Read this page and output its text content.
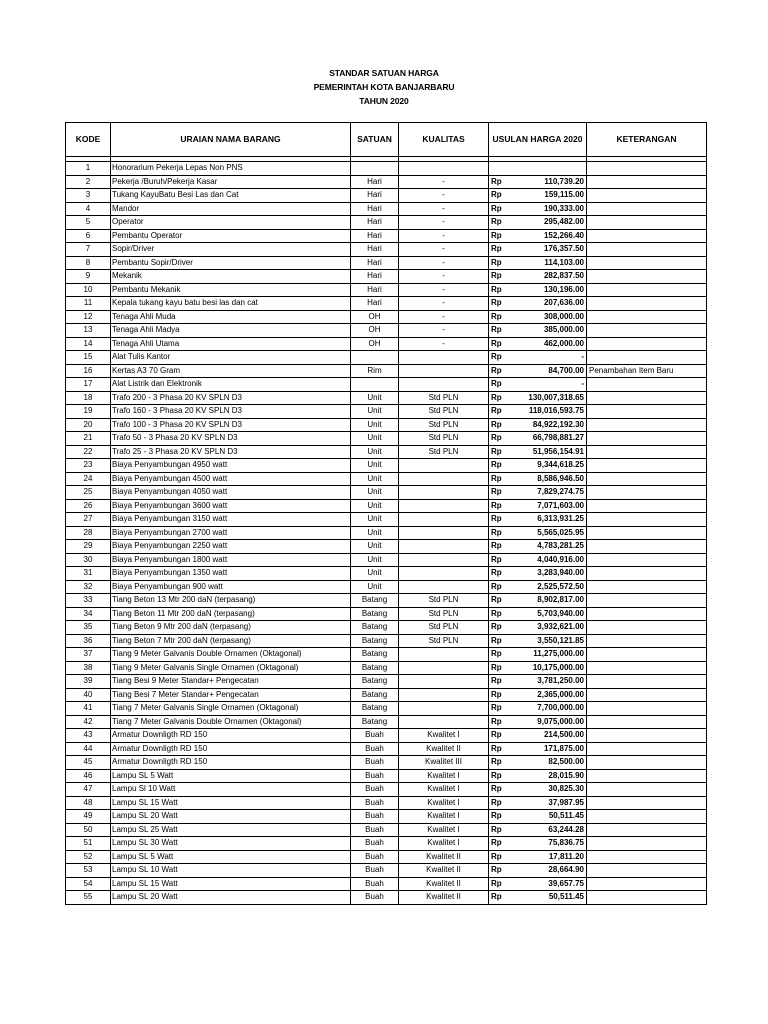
STANDAR SATUAN HARGA
PEMERINTAH KOTA BANJARBARU
TAHUN 2020
KODE	URAIAN NAMA BARANG	SATUAN	KUALITAS	USULAN HARGA 2020		KETERANGAN

1	Honorarium Pekerja Lepas Non PNS					
2	Pekerja /Buruh/Pekerja Kasar	Hari	-	Rp	110,739.20	
3	Tukang KayuBatu Besi Las dan Cat	Hari	-	Rp	159,115.00	
4	Mandor	Hari	-	Rp	190,333.00	
5	Operator	Hari	-	Rp	295,482.00	
6	Pembantu Operator	Hari	-	Rp	152,266.40	
7	Sopir/Driver	Hari	-	Rp	176,357.50	
8	Pembantu Sopir/Driver	Hari	-	Rp	114,103.00	
9	Mekanik	Hari	-	Rp	282,837.50	
10	Pembantu Mekanik	Hari	-	Rp	130,196.00	
11	Kepala tukang kayu batu besi las dan cat	Hari	-	Rp	207,636.00	
12	Tenaga Ahli Muda	OH	-	Rp	308,000.00	
13	Tenaga Ahli Madya	OH	-	Rp	385,000.00	
14	Tenaga Ahli Utama	OH	-	Rp	462,000.00	
15	Alat Tulis Kantor			Rp	-	
16	Kertas A3 70 Gram	Rim		Rp	84,700.00	Penambahan Item Baru
17	Alat Listrik dan Elektronik			Rp	-	
18	Trafo 200 - 3 Phasa 20 KV SPLN D3	Unit	Std PLN	Rp	130,007,318.65	
19	Trafo 160 - 3 Phasa 20 KV SPLN D3	Unit	Std PLN	Rp	118,016,593.75	
20	Trafo 100 - 3 Phasa 20 KV SPLN D3	Unit	Std PLN	Rp	84,922,192.30	
21	Trafo 50 - 3 Phasa 20 KV SPLN D3	Unit	Std PLN	Rp	66,798,881.27	
22	Trafo 25 - 3 Phasa 20 KV SPLN D3	Unit	Std PLN	Rp	51,956,154.91	
23	Biaya Penyambungan 4950 watt	Unit		Rp	9,344,618.25	
24	Biaya Penyambungan 4500 watt	Unit		Rp	8,586,946.50	
25	Biaya Penyambungan 4050 watt	Unit		Rp	7,829,274.75	
26	Biaya Penyambungan 3600 watt	Unit		Rp	7,071,603.00	
27	Biaya Penyambungan 3150 watt	Unit		Rp	6,313,931.25	
28	Biaya Penyambungan 2700 watt	Unit		Rp	5,565,025.95	
29	Biaya Penyambungan 2250 watt	Unit		Rp	4,783,281.25	
30	Biaya Penyambungan 1800 watt	Unit		Rp	4,040,916.00	
31	Biaya Penyambungan 1350 watt	Unit		Rp	3,283,940.00	
32	Biaya Penyambungan 900 watt	Unit		Rp	2,525,572.50	
33	Tiang Beton 13 Mtr 200 daN (terpasang)	Batang	Std PLN	Rp	8,902,817.00	
34	Tiang Beton 11 Mtr 200 daN (terpasang)	Batang	Std PLN	Rp	5,703,940.00	
35	Tiang Beton 9 Mtr 200 daN (terpasang)	Batang	Std PLN	Rp	3,932,621.00	
36	Tiang Beton 7 Mtr 200 daN (terpasang)	Batang	Std PLN	Rp	3,550,121.85	
37	Tiang 9 Meter Galvanis Double Ornamen (Oktagonal)	Batang		Rp	11,275,000.00	
38	Tiang 9 Meter Galvanis Single Ornamen (Oktagonal)	Batang		Rp	10,175,000.00	
39	Tiang Besi 9 Meter Standar+ Pengecatan	Batang		Rp	3,781,250.00	
40	Tiang Besi 7 Meter Standar+ Pengecatan	Batang		Rp	2,365,000.00	
41	Tiang 7 Meter Galvanis Single Ornamen (Oktagonal)	Batang		Rp	7,700,000.00	
42	Tiang 7 Meter Galvanis Double Ornamen (Oktagonal)	Batang		Rp	9,075,000.00	
43	Armatur Downligth RD 150	Buah	Kwalitet I	Rp	214,500.00	
44	Armatur Downligth RD 150	Buah	Kwalitet II	Rp	171,875.00	
45	Armatur Downligth RD 150	Buah	Kwalitet III	Rp	82,500.00	
46	Lampu SL 5 Watt	Buah	Kwalitet I	Rp	28,015.90	
47	Lampu Sl 10 Watt	Buah	Kwalitet I	Rp	30,825.30	
48	Lampu SL 15 Watt	Buah	Kwalitet I	Rp	37,987.95	
49	Lampu SL 20 Watt	Buah	Kwalitet I	Rp	50,511.45	
50	Lampu SL 25 Watt	Buah	Kwalitet I	Rp	63,244.28	
51	Lampu SL 30 Watt	Buah	Kwalitet I	Rp	75,836.75	
52	Lampu SL 5 Watt	Buah	Kwalitet II	Rp	17,811.20	
53	Lampu SL 10 Watt	Buah	Kwalitet II	Rp	28,664.90	
54	Lampu SL 15 Watt	Buah	Kwalitet II	Rp	39,657.75	
55	Lampu SL 20 Watt	Buah	Kwalitet II	Rp	50,511.45	
